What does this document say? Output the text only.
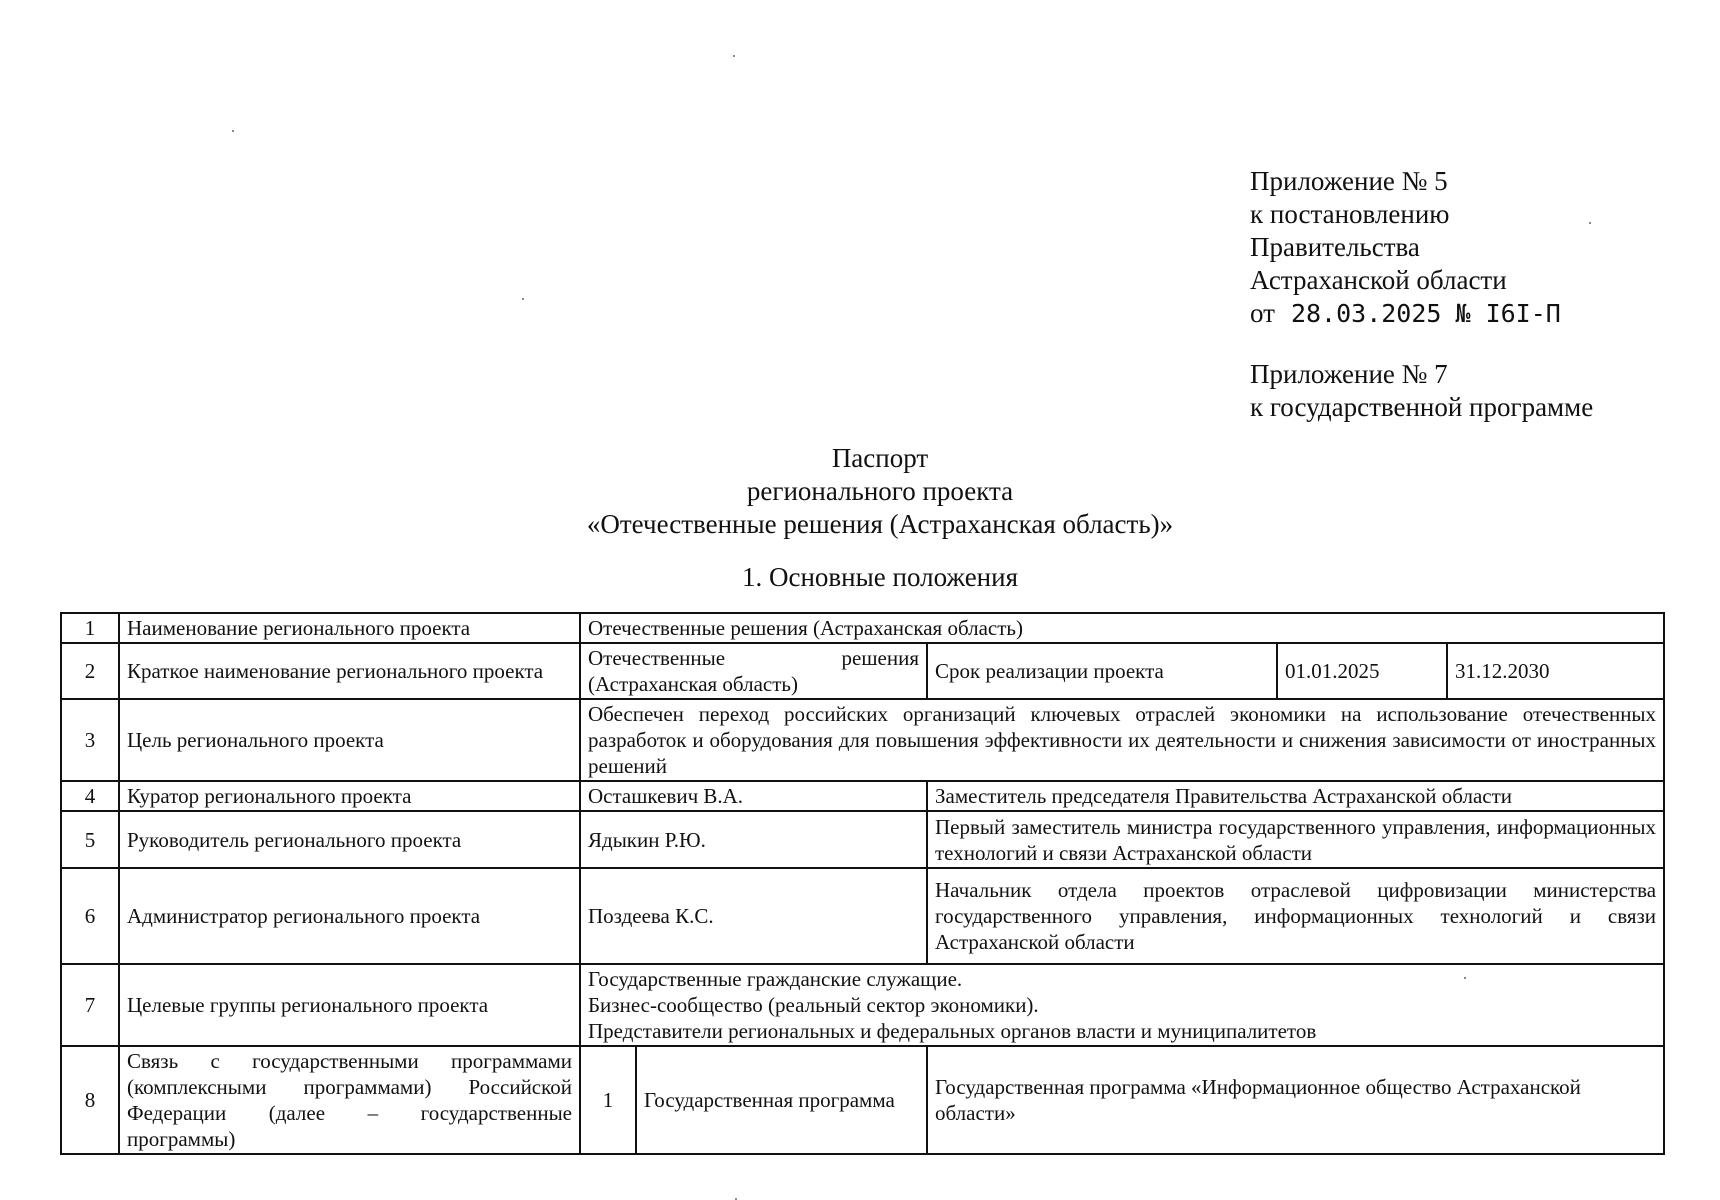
Приложение № 5
к постановлению
Правительства
Астраханской области
от 28.03.2025 № I6I-П
Приложение № 7
к государственной программе
Паспорт
регионального проекта
«Отечественные решения (Астраханская область)»
1. Основные положения
1	Наименование регионального проекта	Отечественные решения (Астраханская область)				
2	Краткое наименование регионального проекта	Отечественные решения (Астраханская область)		Срок реализации проекта	01.01.2025	31.12.2030
3	Цель регионального проекта	Обеспечен переход российских организаций ключевых отраслей экономики на использование отечественных разработок и оборудования для повышения эффективности их деятельности и снижения зависимости от иностранных решений				
4	Куратор регионального проекта	Осташкевич В.А.		Заместитель председателя Правительства Астраханской области		
5	Руководитель регионального проекта	Ядыкин Р.Ю.		Первый заместитель министра государственного управления, информационных технологий и связи Астраханской области		
6	Администратор регионального проекта	Поздеева К.С.		Начальник отдела проектов отраслевой цифровизации министерства государственного управления, информационных технологий и связи Астраханской области		
7	Целевые группы регионального проекта	Государственные гражданские служащие.
Бизнес-сообщество (реальный сектор экономики).
Представители региональных и федеральных органов власти и муниципалитетов				

8	Связь с государственными программами (комплексными программами) Российской Федерации (далее – государственные программы)	1	Государственная программа	Государственная программа «Информационное общество Астраханской области»		
